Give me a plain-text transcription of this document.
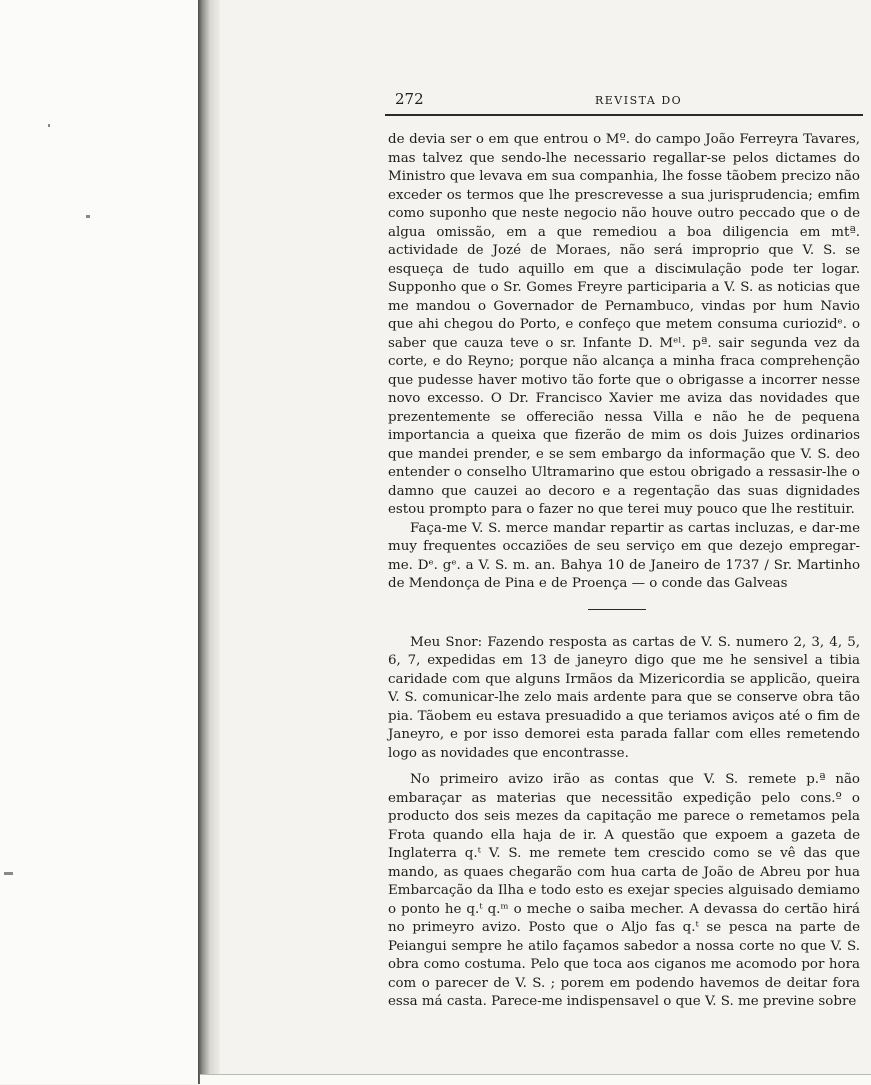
272	REVISTA DO

de devia ser o em que entrou o Mº. do campo João Ferreyra Tavares, mas talvez que sendo-lhe necessario regallar-se pelos dictames do Ministro que levava em sua companhia, lhe fosse tãobem precizo não exceder os termos que lhe prescrevesse a sua jurisprudencia; emfim como suponho que neste negocio não houve outro peccado que o de algua omissão, em a que remediou a boa diligencia em mtª. actividade de Jozé de Moraes, não será improprio que V. S. se esqueça de tudo aquillo em que a disciмulação pode ter logar. Supponho que o Sr. Gomes Freyre participaria a V. S. as noticias que me mandou o Governador de Pernambuco, vindas por hum Navio que ahi chegou do Porto, e confeço que metem consuma curiozidᵉ. o saber que cauza teve o sr. Infante D. Mᵉˡ. pª. sair segunda vez da corte, e do Reyno; porque não alcança a minha fraca comprehenção que pudesse haver motivo tão forte que o obrigasse a incorrer nesse novo excesso. O Dr. Francisco Xavier me aviza das novidades que prezentemente se offerecião nessa Villa e não he de pequena importancia a queixa que fizerão de mim os dois Juizes ordinarios que mandei prender, e se sem embargo da informação que V. S. deo entender o conselho Ultramarino que estou obrigado a ressasir-lhe o damno que cauzei ao decoro e a regentação das suas dignidades estou prompto para o fazer no que terei muy pouco que lhe restituir.

Faça-me V. S. merce mandar repartir as cartas incluzas, e dar-me muy frequentes occaziões de seu serviço em que dezejo empregar-me. Dᵉ. gᵉ. a V. S. m. an. Bahya 10 de Janeiro de 1737 / Sr. Martinho de Mendonça de Pina e de Proença — o conde das Galveas

Meu Snor: Fazendo resposta as cartas de V. S. numero 2, 3, 4, 5, 6, 7, expedidas em 13 de janeyro digo que me he sensivel a tibia caridade com que alguns Irmãos da Mizericordia se applicão, queira V. S. comunicar-lhe zelo mais ardente para que se conserve obra tão pia. Tãobem eu estava presuadido a que teriamos aviços até o fim de Janeyro, e por isso demorei esta parada fallar com elles remetendo logo as novidades que encontrasse.

No primeiro avizo irão as contas que V. S. remete p.ª não embaraçar as materias que necessitão expedição pelo cons.º o producto dos seis mezes da capitação me parece o remetamos pela Frota quando ella haja de ir. A questão que expoem a gazeta de Inglaterra q.ᵗ V. S. me remete tem crescido como se vê das que mando, as quaes chegarão com hua carta de João de Abreu por hua Embarcação da Ilha e todo esto es exejar species alguisado demiamo o ponto he q.ᵗ q.ᵐ o meche o saiba mecher. A devassa do certão hirá no primeyro avizo. Posto que o Aljo fas q.ᵗ se pesca na parte de Peiangui sempre he atilo façamos sabedor a nossa corte no que V. S. obra como costuma. Pelo que toca aos ciganos me acomodo por hora com o parecer de V. S. ; porem em podendo havemos de deitar fora essa má casta. Parece-me indispensavel o que V. S. me previne sobre
